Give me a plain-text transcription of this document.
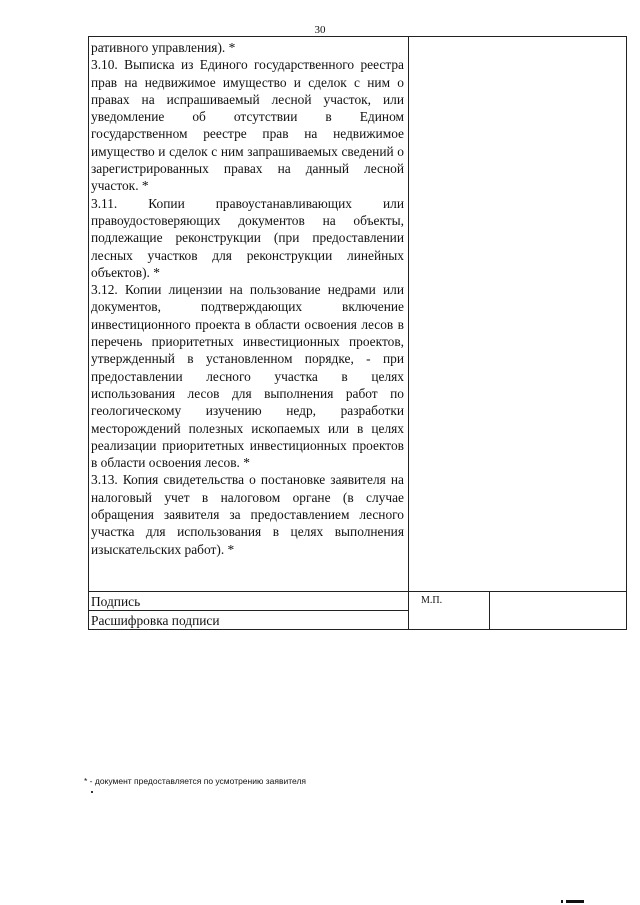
30

ративного управления). *

3.10. Выписка из Единого государственного реестра прав на недвижимое имущество и сделок с ним о правах на испрашиваемый лесной участок, или уведомление об отсутствии в Едином государственном реестре прав на недвижимое имущество и сделок с ним запрашиваемых сведений о зарегистрированных правах на данный лесной участок. *

3.11. Копии правоустанавливающих или правоудостоверяющих документов на объекты, подлежащие реконструкции (при предоставлении лесных участков для реконструкции линейных объектов). *

3.12. Копии лицензии на пользование недрами или документов, подтверждающих включение инвестиционного проекта в области освоения лесов в перечень приоритетных инвестиционных проектов, утвержденный в установленном порядке, - при предоставлении лесного участка в целях использования лесов для выполнения работ по геологическому изучению недр, разработки месторождений полезных ископаемых или в целях реализации приоритетных инвестиционных проектов в области освоения лесов. *

3.13. Копия свидетельства о постановке заявителя на налоговый учет в налоговом органе (в случае обращения заявителя за предоставлением лесного участка для использования в целях выполнения изыскательских работ). *		

Подпись	М.П.	
Расшифровка подписи		
* - документ предоставляется по усмотрению заявителя
